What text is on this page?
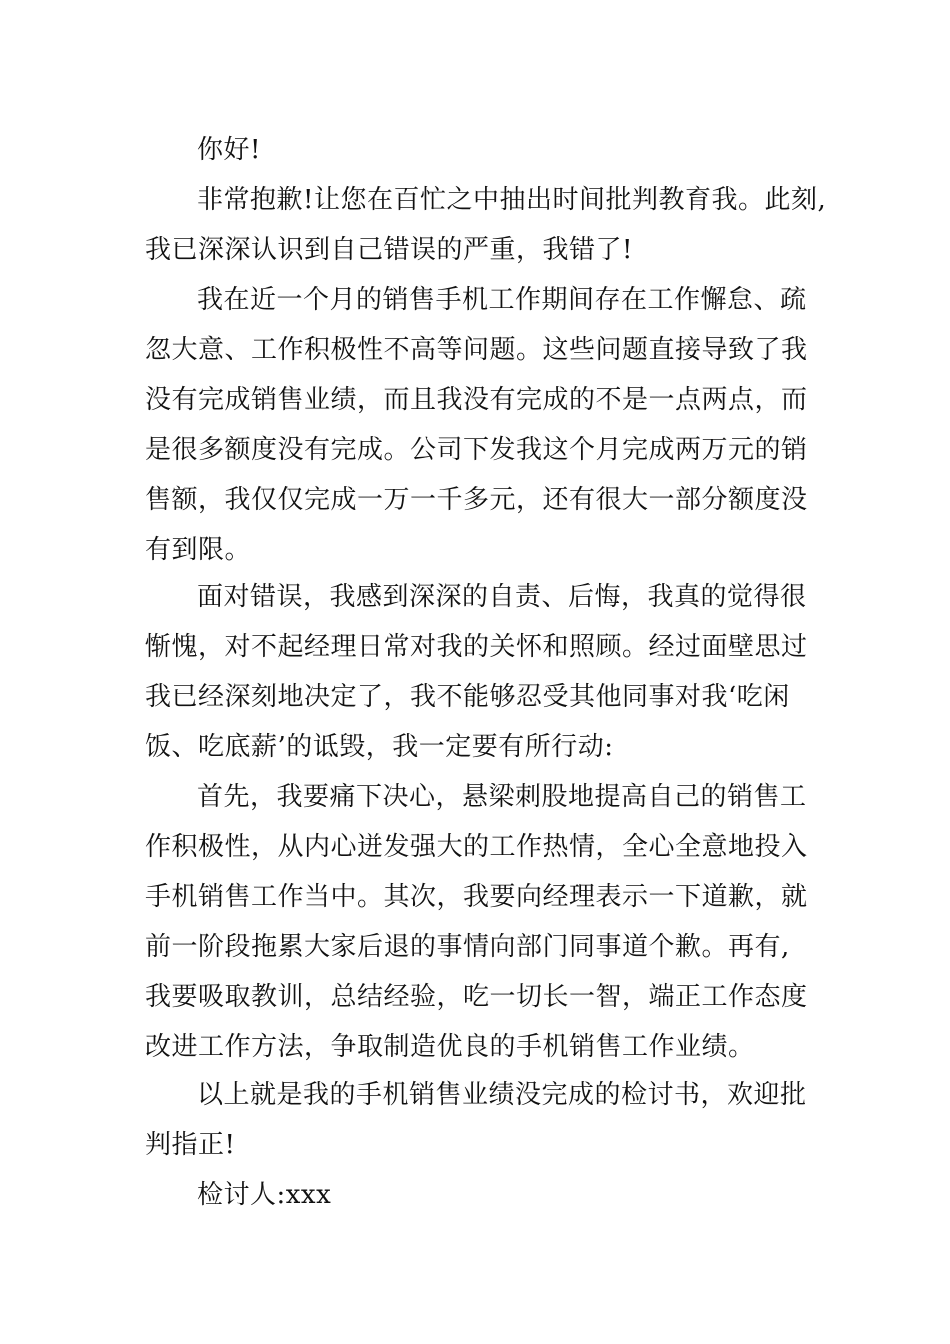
你好!
非常抱歉!让您在百忙之中抽出时间批判教育我。此刻,
我已深深认识到自己错误的严重，我错了!
我在近一个月的销售手机工作期间存在工作懈怠、疏
忽大意、工作积极性不高等问题。这些问题直接导致了我
没有完成销售业绩，而且我没有完成的不是一点两点，而
是很多额度没有完成。公司下发我这个月完成两万元的销
售额，我仅仅完成一万一千多元，还有很大一部分额度没
有到限。
面对错误，我感到深深的自责、后悔，我真的觉得很
惭愧，对不起经理日常对我的关怀和照顾。经过面壁思过
我已经深刻地决定了，我不能够忍受其他同事对我‘吃闲
饭、吃底薪’的诋毁，我一定要有所行动:
首先，我要痛下决心，悬梁刺股地提高自己的销售工
作积极性，从内心迸发强大的工作热情，全心全意地投入
手机销售工作当中。其次，我要向经理表示一下道歉，就
前一阶段拖累大家后退的事情向部门同事道个歉。再有,
我要吸取教训，总结经验，吃一切长一智，端正工作态度
改进工作方法，争取制造优良的手机销售工作业绩。
以上就是我的手机销售业绩没完成的检讨书，欢迎批
判指正!
检讨人:xxx
